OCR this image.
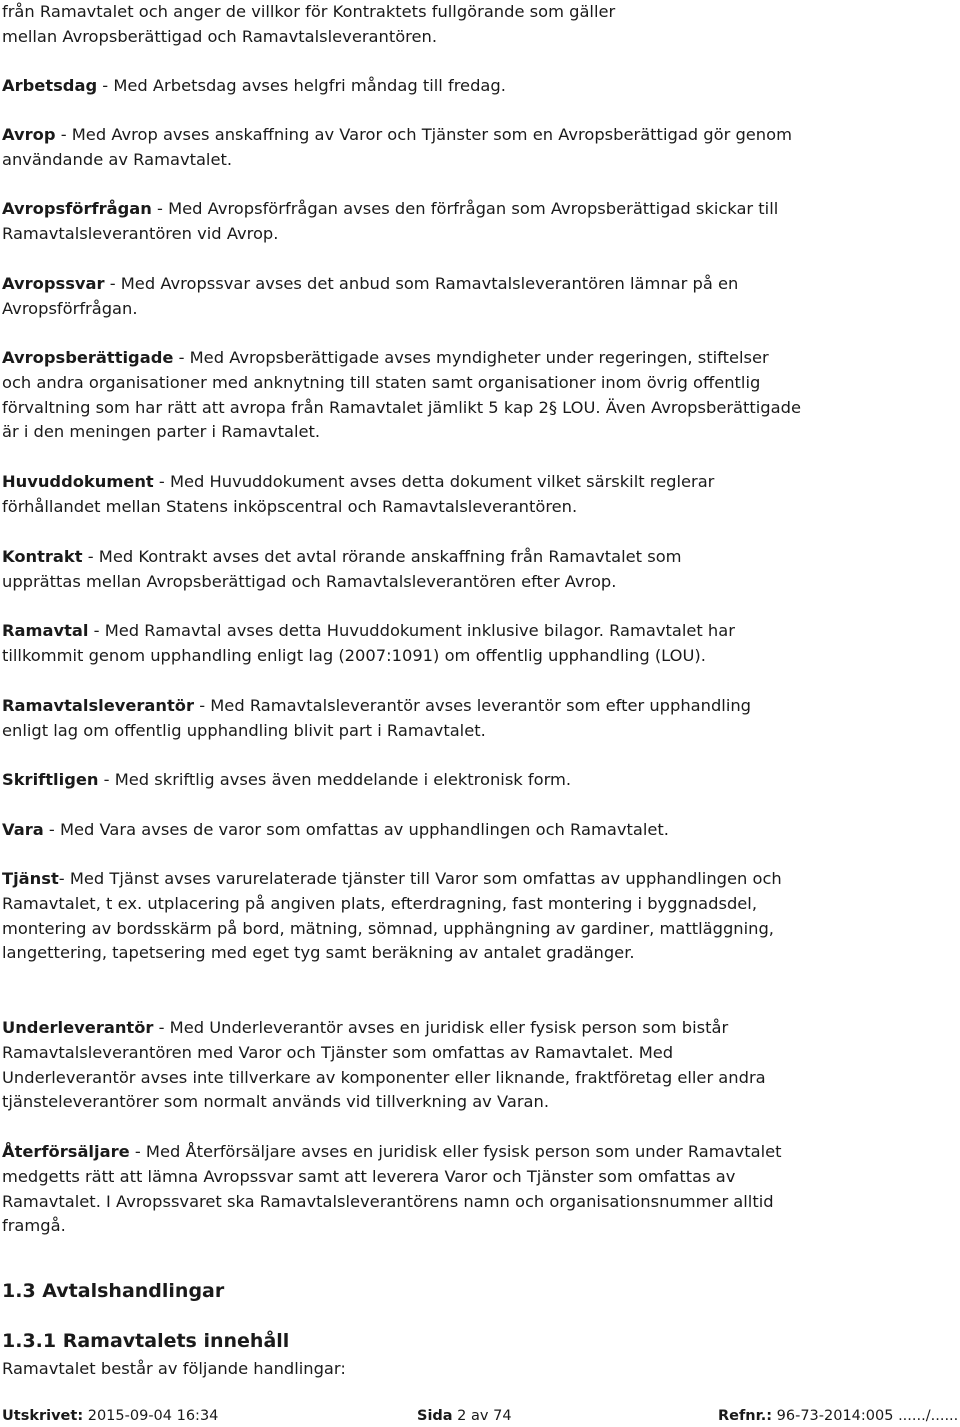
från Ramavtalet och anger de villkor för Kontraktets fullgörande som gäller
mellan Avropsberättigad och Ramavtalsleverantören.

Arbetsdag - Med Arbetsdag avses helgfri måndag till fredag.

Avrop - Med Avrop avses anskaffning av Varor och Tjänster som en Avropsberättigad gör genom användande av Ramavtalet.

Avropsförfrågan - Med Avropsförfrågan avses den förfrågan som Avropsberättigad skickar till Ramavtalsleverantören vid Avrop.

Avropssvar - Med Avropssvar avses det anbud som Ramavtalsleverantören lämnar på en Avropsförfrågan.

Avropsberättigade - Med Avropsberättigade avses myndigheter under regeringen, stiftelser och andra organisationer med anknytning till staten samt organisationer inom övrig offentlig förvaltning som har rätt att avropa från Ramavtalet jämlikt 5 kap 2§ LOU. Även Avropsberättigade är i den meningen parter i Ramavtalet.

Huvuddokument - Med Huvuddokument avses detta dokument vilket särskilt reglerar förhållandet mellan Statens inköpscentral och Ramavtalsleverantören.

Kontrakt - Med Kontrakt avses det avtal rörande anskaffning från Ramavtalet som upprättas mellan Avropsberättigad och Ramavtalsleverantören efter Avrop.

Ramavtal - Med Ramavtal avses detta Huvuddokument inklusive bilagor. Ramavtalet har tillkommit genom upphandling enligt lag (2007:1091) om offentlig upphandling (LOU).

Ramavtalsleverantör - Med Ramavtalsleverantör avses leverantör som efter upphandling enligt lag om offentlig upphandling blivit part i Ramavtalet.

Skriftligen - Med skriftlig avses även meddelande i elektronisk form.

Vara - Med Vara avses de varor som omfattas av upphandlingen och Ramavtalet.

Tjänst- Med Tjänst avses varurelaterade tjänster till Varor som omfattas av upphandlingen och Ramavtalet, t ex. utplacering på angiven plats, efterdragning, fast montering i byggnadsdel, montering av bordsskärm på bord, mätning, sömnad, upphängning av gardiner, mattläggning, langettering, tapetsering med eget tyg samt beräkning av antalet gradänger.

Underleverantör - Med Underleverantör avses en juridisk eller fysisk person som bistår Ramavtalsleverantören med Varor och Tjänster som omfattas av Ramavtalet. Med Underleverantör avses inte tillverkare av komponenter eller liknande, fraktföretag eller andra tjänsteleverantörer som normalt används vid tillverkning av Varan.

Återförsäljare - Med Återförsäljare avses en juridisk eller fysisk person som under Ramavtalet medgetts rätt att lämna Avropssvar samt att leverera Varor och Tjänster som omfattas av Ramavtalet. I Avropssvaret ska Ramavtalsleverantörens namn och organisationsnummer alltid framgå.

1.3 Avtalshandlingar
1.3.1 Ramavtalets innehåll

Ramavtalet består av följande handlingar:

Utskrivet: 2015-09-04 16:34	Sida 2 av 74	Refnr.: 96-73-2014:005 ....../......
